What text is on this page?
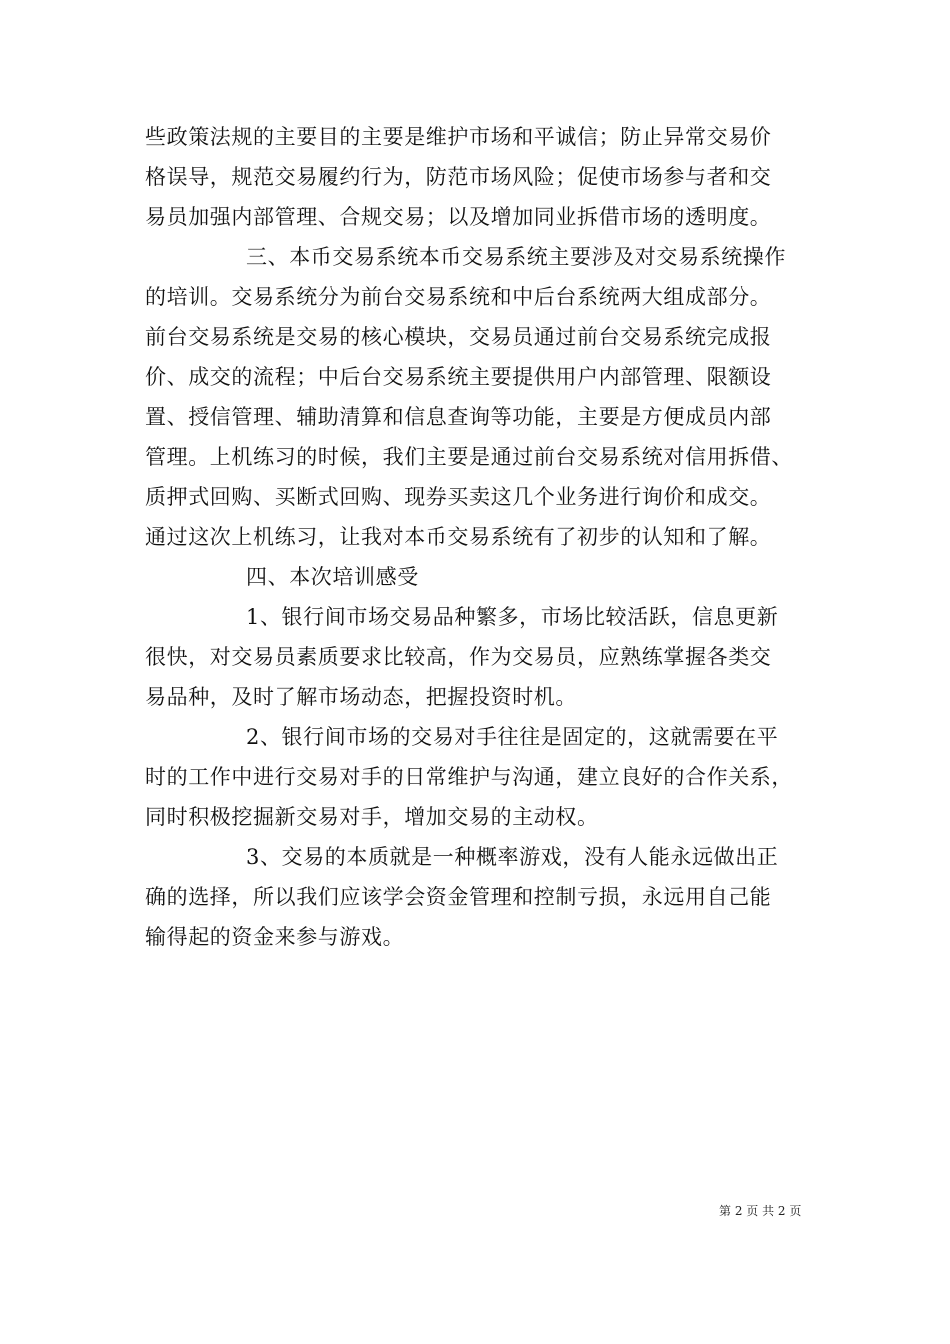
些政策法规的主要目的主要是维护市场和平诚信；防止异常交易价
格误导，规范交易履约行为，防范市场风险；促使市场参与者和交
易员加强内部管理、合规交易；以及增加同业拆借市场的透明度。
三、本币交易系统本币交易系统主要涉及对交易系统操作
的培训。交易系统分为前台交易系统和中后台系统两大组成部分。
前台交易系统是交易的核心模块，交易员通过前台交易系统完成报
价、成交的流程；中后台交易系统主要提供用户内部管理、限额设
置、授信管理、辅助清算和信息查询等功能，主要是方便成员内部
管理。上机练习的时候，我们主要是通过前台交易系统对信用拆借、
质押式回购、买断式回购、现券买卖这几个业务进行询价和成交。
通过这次上机练习，让我对本币交易系统有了初步的认知和了解。
四、本次培训感受
1、银行间市场交易品种繁多，市场比较活跃，信息更新
很快，对交易员素质要求比较高，作为交易员，应熟练掌握各类交
易品种，及时了解市场动态，把握投资时机。
2、银行间市场的交易对手往往是固定的，这就需要在平
时的工作中进行交易对手的日常维护与沟通，建立良好的合作关系，
同时积极挖掘新交易对手，增加交易的主动权。
3、交易的本质就是一种概率游戏，没有人能永远做出正
确的选择，所以我们应该学会资金管理和控制亏损，永远用自己能
输得起的资金来参与游戏。
第 2 页 共 2 页
